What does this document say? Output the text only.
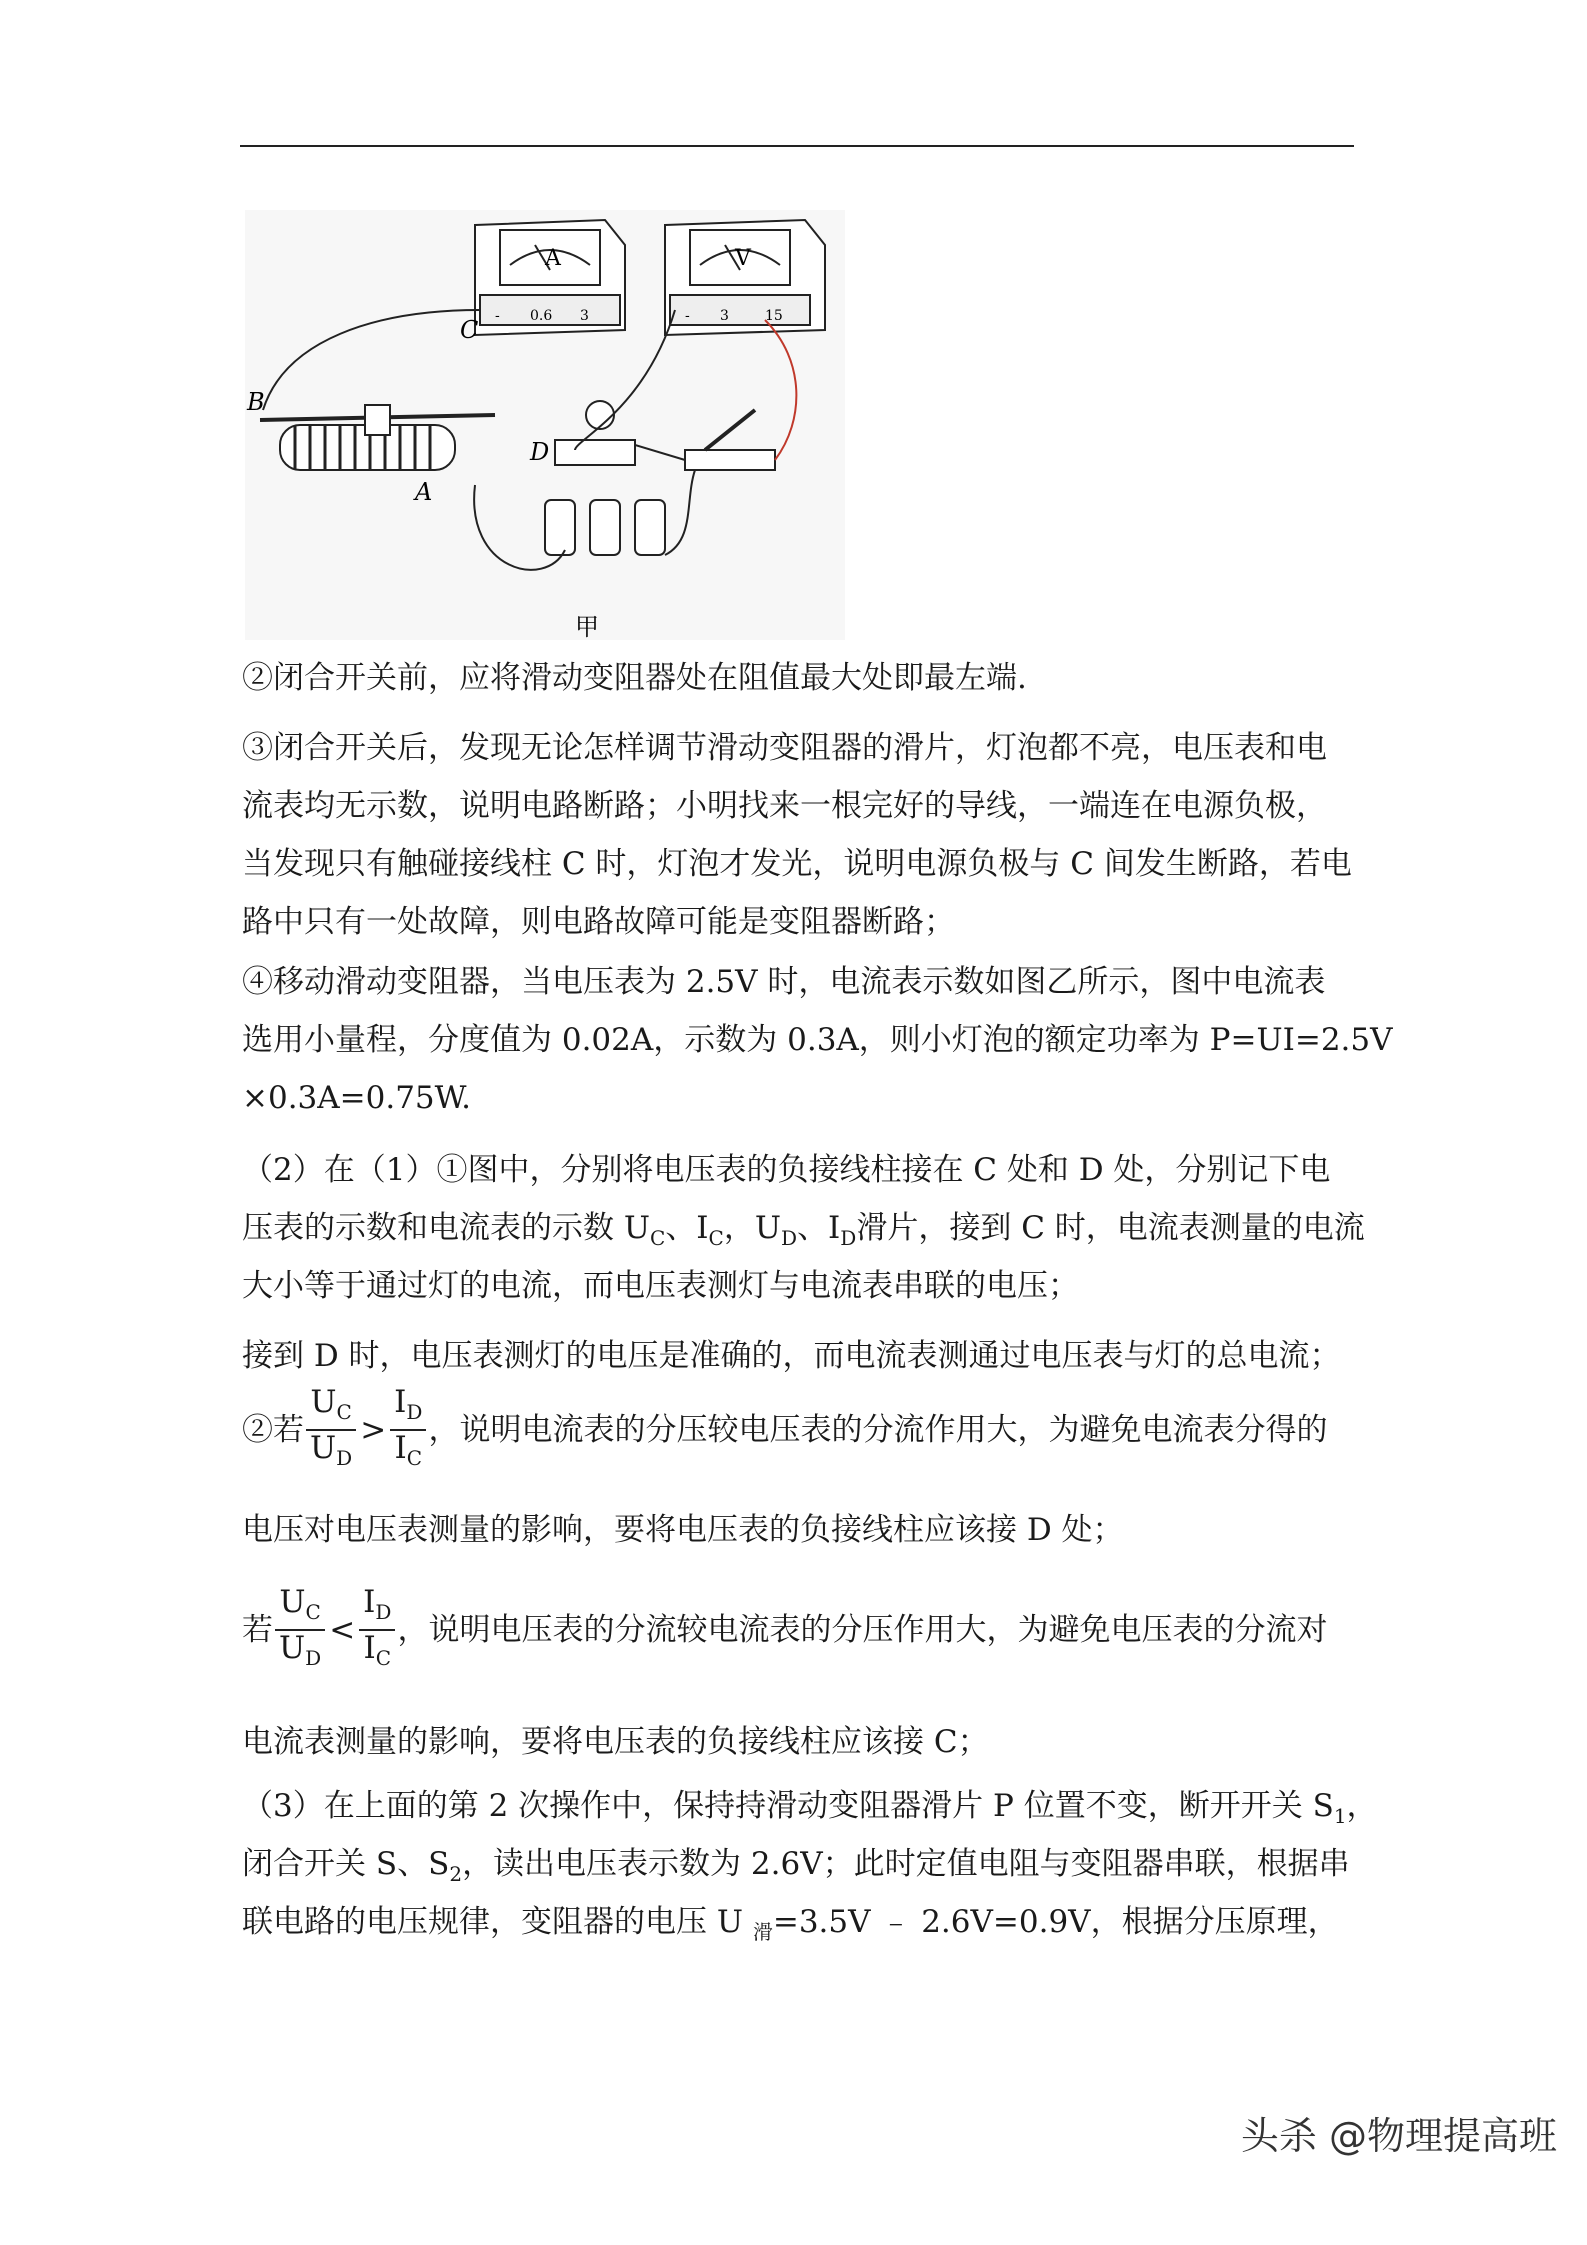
A
- 0.6 3
V
- 3	15
C
B
D
A
甲
②闭合开关前，应将滑动变阻器处在阻值最大处即最左端.
③闭合开关后，发现无论怎样调节滑动变阻器的滑片，灯泡都不亮，电压表和电
流表均无示数，说明电路断路；小明找来一根完好的导线，一端连在电源负极，
当发现只有触碰接线柱 C 时，灯泡才发光，说明电源负极与 C 间发生断路，若电
路中只有一处故障，则电路故障可能是变阻器断路；
④移动滑动变阻器，当电压表为 2.5V 时，电流表示数如图乙所示，图中电流表
选用小量程，分度值为 0.02A，示数为 0.3A，则小灯泡的额定功率为 P=UI=2.5V
×0.3A=0.75W.
（2）在（1）①图中，分别将电压表的负接线柱接在 C 处和 D 处，分别记下电
压表的示数和电流表的示数 $U_C$、$I_C$，$U_D$、$I_D$滑片，接到 C 时，电流表测量的电流
大小等于通过灯的电流，而电压表测灯与电流表串联的电压；
接到 D 时，电压表测灯的电压是准确的，而电流表测通过电压表与灯的总电流；
②若 $\frac{U_C}{U_D} > \frac{I_D}{I_C}$ ，说明电流表的分压较电压表的分流作用大，为避免电流表分得的
电压对电压表测量的影响，要将电压表的负接线柱应该接 D 处；
若 $\frac{U_C}{U_D} < \frac{I_D}{I_C}$ ，说明电压表的分流较电流表的分压作用大，为避免电压表的分流对
电流表测量的影响，要将电压表的负接线柱应该接 C；
（3）在上面的第 2 次操作中，保持持滑动变阻器滑片 P 位置不变，断开开关 $S_1$，
闭合开关 S、$S_2$，读出电压表示数为 2.6V；此时定值电阻与变阻器串联，根据串
联电路的电压规律，变阻器的电压 U $_滑$=3.5V ﹣ 2.6V=0.9V，根据分压原理，
头杀 @物理提高班
